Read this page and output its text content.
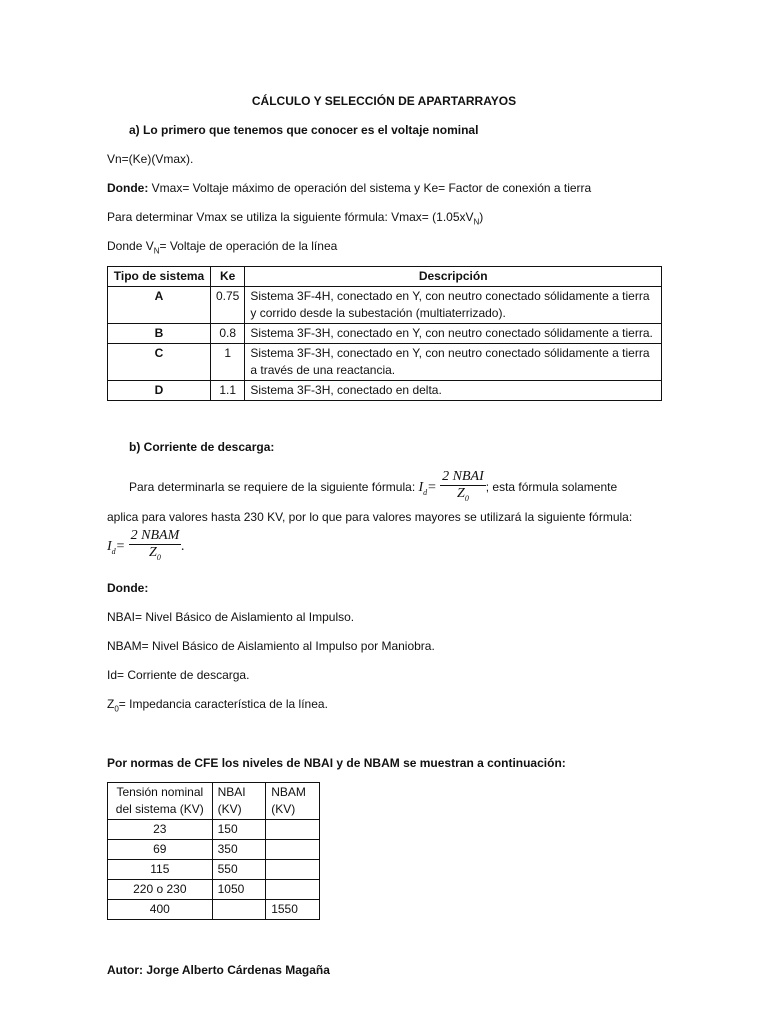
CÁLCULO Y SELECCIÓN DE APARTARRAYOS
a) Lo primero que tenemos que conocer es el voltaje nominal
Vn=(Ke)(Vmax).
Donde: Vmax= Voltaje máximo de operación del sistema y Ke= Factor de conexión a tierra
Para determinar Vmax se utiliza la siguiente fórmula: $Vmax= (1.05xV_N)$
Donde $V_N=$ Voltaje de operación de la línea
Tipo de sistema	Ke	Descripción
A	0.75	Sistema 3F-4H, conectado en Y, con neutro conectado sólidamente a tierra y corrido desde la subestación (multiaterrizado).
B	0.8	Sistema 3F-3H, conectado en Y, con neutro conectado sólidamente a tierra.
C	1	Sistema 3F-3H, conectado en Y, con neutro conectado sólidamente a tierra a través de una reactancia.
D	1.1	Sistema 3F-3H, conectado en delta.
b) Corriente de descarga:
Para determinarla se requiere de la siguiente fórmula: $I_d= \frac{\text{2 NBAI}}{Z_0}$ ; esta fórmula solamente
aplica para valores hasta 230 KV, por lo que para valores mayores se utilizará la siguiente fórmula:
$I_d= \frac{\text{2 NBAM}}{Z_0}$ .
Donde:
NBAI= Nivel Básico de Aislamiento al Impulso.
NBAM= Nivel Básico de Aislamiento al Impulso por Maniobra.
Id= Corriente de descarga.
$Z_0=$ Impedancia característica de la línea.
Por normas de CFE los niveles de NBAI y de NBAM se muestran a continuación:
Tensión nominal del sistema (KV)	NBAI (KV)	NBAM (KV)
23	150	
69	350	
115	550	
220 o 230	1050	
400		1550
Autor: Jorge Alberto Cárdenas Magaña
